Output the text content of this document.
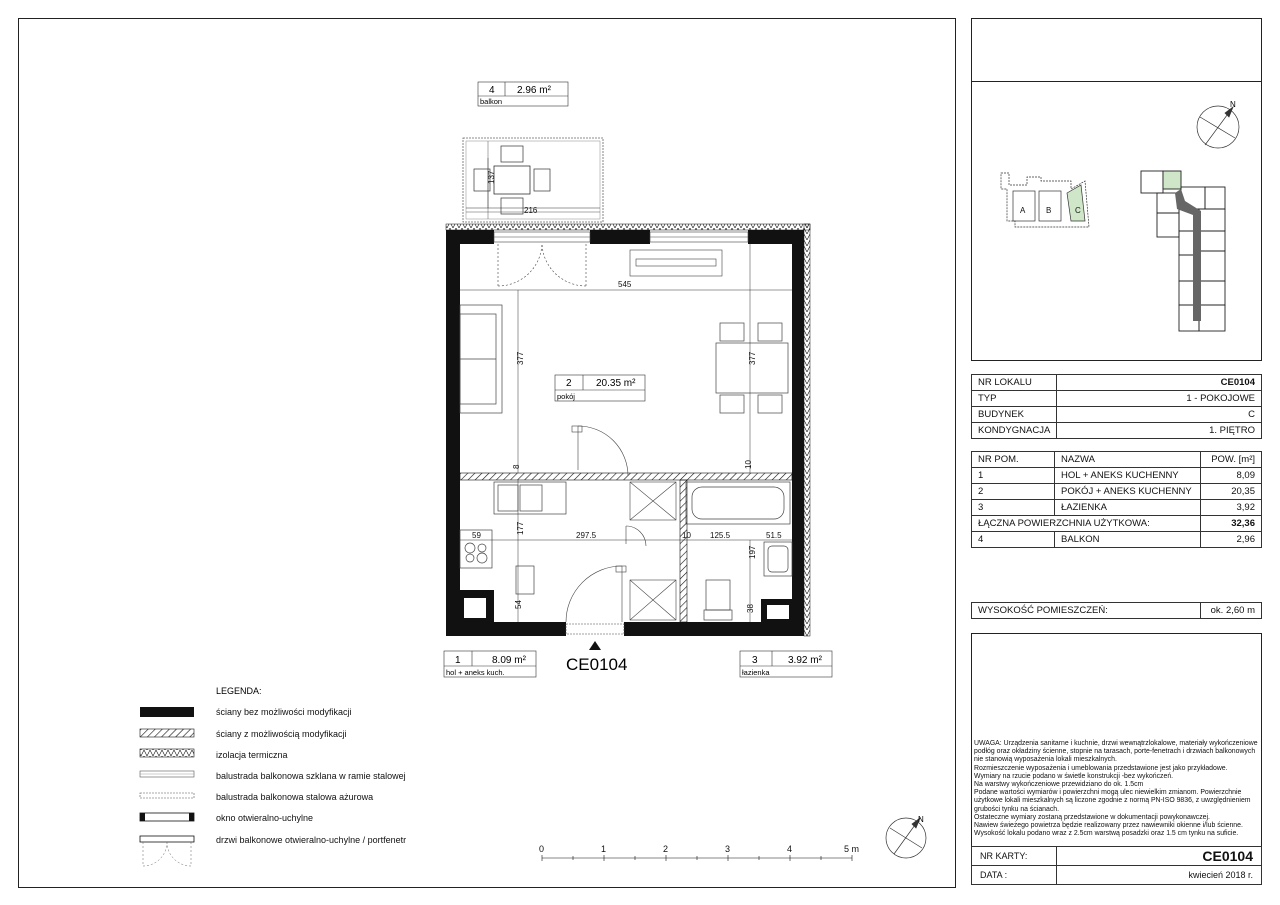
137
216
545
377	377
8	10
177
297.5	10 125.5	51.5
59
197
54	38
4 2.96 m²
balkon
2 20.35 m²
pokój
1	8.09 m²
hol + aneks kuch.
3	3.92 m²
łazienka
CE0104
LEGENDA:
ściany bez możliwości modyfikacji
ściany z możliwością modyfikacji
izolacja termiczna
balustrada balkonowa szklana w ramie stalowej
balustrada balkonowa stalowa ażurowa
okno otwieralno-uchylne
drzwi balkonowe otwieralno-uchylne / portfenetr
0	1	2	3	4	5 m
N
N
A	B	C
NR LOKALU	CE0104
TYP	1 - POKOJOWE
BUDYNEK	C
KONDYGNACJA	1. PIĘTRO
NR POM.	NAZWA	POW. [m²]
1	HOL + ANEKS KUCHENNY	8,09
2	POKÓJ + ANEKS KUCHENNY	20,35
3	ŁAZIENKA	3,92
ŁĄCZNA POWIERZCHNIA UŻYTKOWA:		32,36
4	BALKON	2,96
WYSOKOŚĆ POMIESZCZEŃ:	ok. 2,60 m
UWAGA: Urządzenia sanitarne i kuchnie, drzwi wewnątrzlokalowe, materiały wykończeniowe podłóg oraz okładziny ścienne, stopnie na tarasach, porte-fenetrach i drzwiach balkonowych nie stanowią wyposażenia lokali mieszkalnych.
Rozmieszczenie wyposażenia i umeblowania przedstawione jest jako przykładowe.
Wymiary na rzucie podano w świetle konstrukcji -bez wykończeń.
Na warstwy wykończeniowe przewidziano do ok. 1.5cm
Podane wartości wymiarów i powierzchni mogą ulec niewielkim zmianom. Powierzchnie użytkowe lokali mieszkalnych są liczone zgodnie z normą PN-ISO 9836, z uwzględnieniem grubości tynku na ścianach.
Ostateczne wymiary zostaną przedstawione w dokumentacji powykonawczej.
Nawiew świeżego powietrza będzie realizowany przez nawiewniki okienne i/lub ścienne.
Wysokość lokalu podano wraz z 2.5cm warstwą posadzki oraz 1.5 cm tynku na suficie.
NR KARTY:	CE0104
DATA :	kwiecień 2018 r.
